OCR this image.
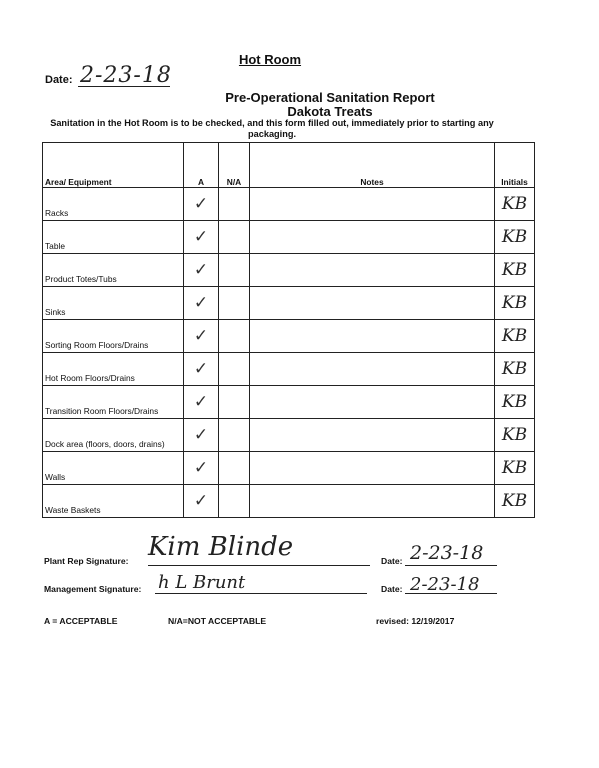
Hot Room
Date: 2-23-18
Pre-Operational Sanitation Report
Dakota Treats
Sanitation in the Hot Room is to be checked, and this form filled out, immediately prior to starting any packaging.
Area/ Equipment	A	N/A	Notes	Initials
Racks	✓			KB
Table	✓			KB
Product Totes/Tubs	✓			KB
Sinks	✓			KB
Sorting Room Floors/Drains	✓			KB
Hot Room Floors/Drains	✓			KB
Transition Room Floors/Drains	✓			KB
Dock area (floors, doors, drains)	✓			KB
Walls	✓			KB
Waste Baskets	✓			KB
Plant Rep Signature: Kim Blinde	Date: 2-23-18
Management Signature: h L Brunt	Date: 2-23-18
A = ACCEPTABLE	N/A=NOT ACCEPTABLE	revised: 12/19/2017
